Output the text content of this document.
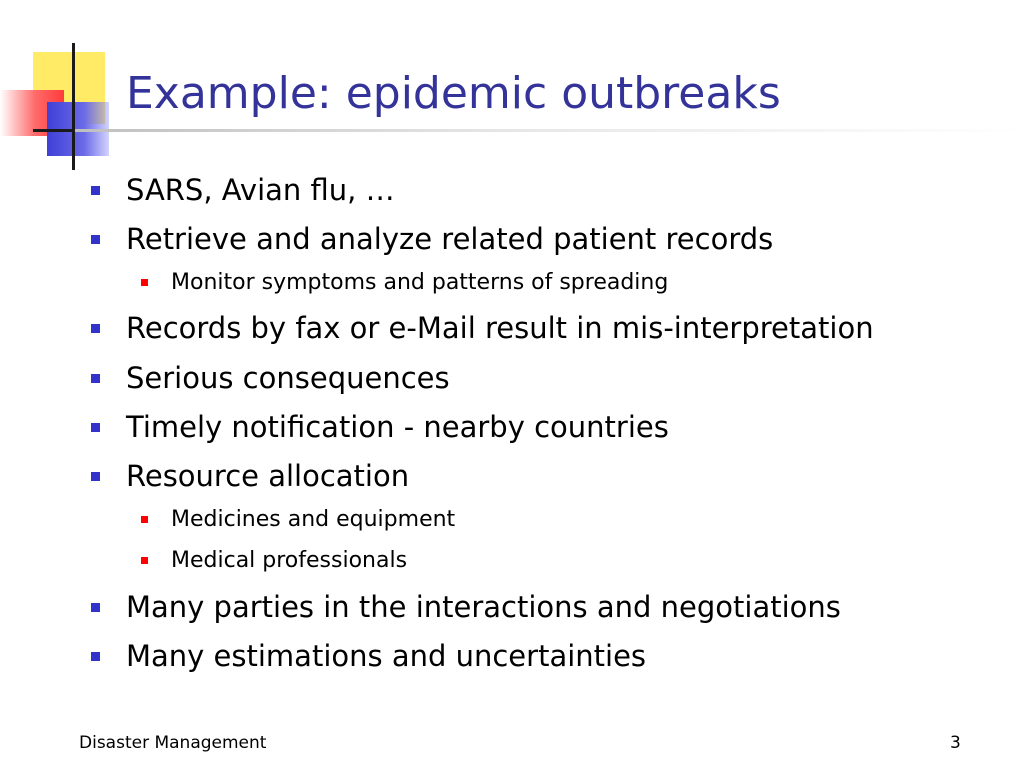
Example: epidemic outbreaks
SARS, Avian flu, …
Retrieve and analyze related patient records
Monitor symptoms and patterns of spreading
Records by fax or e-Mail result in mis-interpretation
Serious consequences
Timely notification - nearby countries
Resource allocation
Medicines and equipment
Medical professionals
Many parties in the interactions and negotiations
Many estimations and uncertainties
Disaster Management	3
